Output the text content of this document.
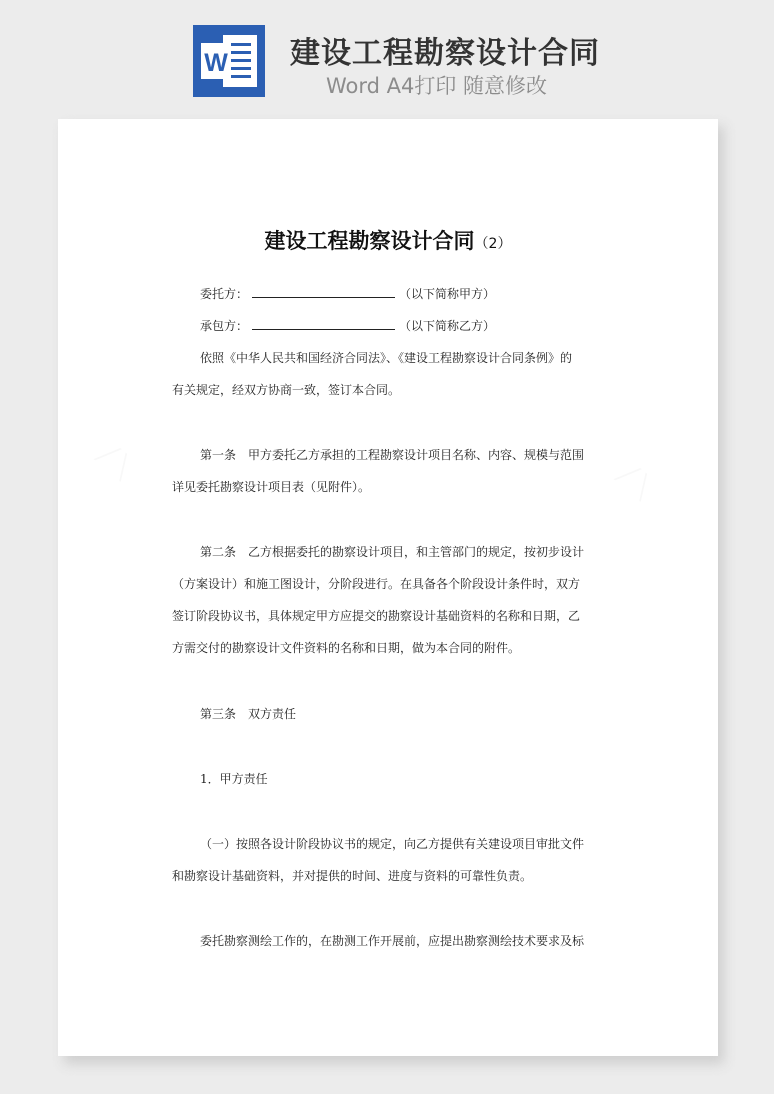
W 建设工程勘察设计合同
Word A4打印 随意修改
╱ ╲	╱ ╲
建设工程勘察设计合同（2）
委托方：	（以下简称甲方）
承包方：	（以下简称乙方）
依照《中华人民共和国经济合同法》、《建设工程勘察设计合同条例》的
有关规定，经双方协商一致，签订本合同。
第一条　甲方委托乙方承担的工程勘察设计项目名称、内容、规模与范围
详见委托勘察设计项目表（见附件）。
第二条　乙方根据委托的勘察设计项目，和主管部门的规定，按初步设计
（方案设计）和施工图设计，分阶段进行。在具备各个阶段设计条件时，双方
签订阶段协议书，具体规定甲方应提交的勘察设计基础资料的名称和日期，乙
方需交付的勘察设计文件资料的名称和日期，做为本合同的附件。
第三条　双方责任
1．甲方责任
（一）按照各设计阶段协议书的规定，向乙方提供有关建设项目审批文件
和勘察设计基础资料，并对提供的时间、进度与资料的可靠性负责。
委托勘察测绘工作的，在勘测工作开展前，应提出勘察测绘技术要求及标
